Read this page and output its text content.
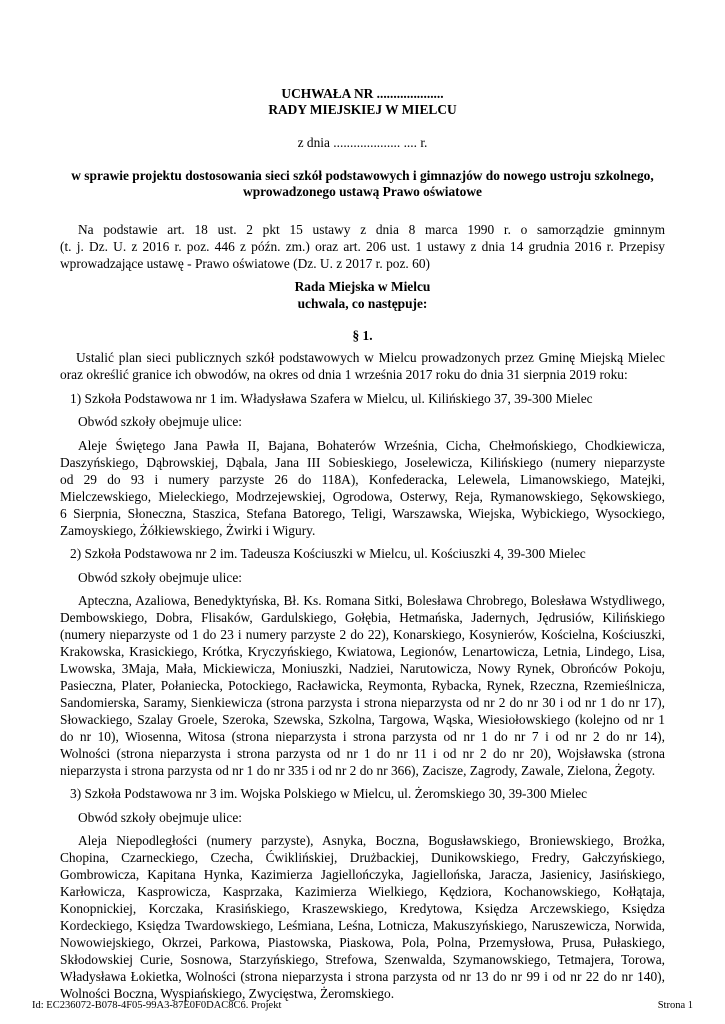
UCHWAŁA NR ....................
RADY MIEJSKIEJ W MIELCU
z dnia .................... .... r.
w sprawie projektu dostosowania sieci szkół podstawowych i gimnazjów do nowego ustroju szkolnego,
wprowadzonego ustawą Prawo oświatowe
Na podstawie art. 18 ust. 2 pkt 15 ustawy z dnia 8 marca 1990 r. o samorządzie gminnym
(t. j. Dz. U. z 2016 r. poz. 446 z późn. zm.) oraz art. 206 ust. 1 ustawy z dnia 14 grudnia 2016 r. Przepisy
wprowadzające ustawę - Prawo oświatowe (Dz. U. z 2017 r. poz. 60)
Rada Miejska w Mielcu
uchwala, co następuje:
§ 1.
Ustalić plan sieci publicznych szkół podstawowych w Mielcu prowadzonych przez Gminę Miejską Mielec
oraz określić granice ich obwodów, na okres od dnia 1 września 2017 roku do dnia 31 sierpnia 2019 roku:
1) Szkoła Podstawowa nr 1 im. Władysława Szafera w Mielcu, ul. Kilińskiego 37, 39-300 Mielec
Obwód szkoły obejmuje ulice:
Aleje Świętego Jana Pawła II, Bajana, Bohaterów Września, Cicha, Chełmońskiego, Chodkiewicza,
Daszyńskiego, Dąbrowskiej, Dąbala, Jana III Sobieskiego, Joselewicza, Kilińskiego (numery nieparzyste
od 29 do 93 i numery parzyste 26 do 118A), Konfederacka, Lelewela, Limanowskiego, Matejki,
Mielczewskiego, Mieleckiego, Modrzejewskiej, Ogrodowa, Osterwy, Reja, Rymanowskiego, Sękowskiego,
6 Sierpnia, Słoneczna, Staszica, Stefana Batorego, Teligi, Warszawska, Wiejska, Wybickiego, Wysockiego,
Zamoyskiego, Żółkiewskiego, Żwirki i Wigury.
2) Szkoła Podstawowa nr 2 im. Tadeusza Kościuszki w Mielcu, ul. Kościuszki 4, 39-300 Mielec
Obwód szkoły obejmuje ulice:
Apteczna, Azaliowa, Benedyktyńska, Bł. Ks. Romana Sitki, Bolesława Chrobrego, Bolesława Wstydliwego,
Dembowskiego, Dobra, Flisaków, Gardulskiego, Gołębia, Hetmańska, Jadernych, Jędrusiów, Kilińskiego
(numery nieparzyste od 1 do 23 i numery parzyste 2 do 22), Konarskiego, Kosynierów, Kościelna, Kościuszki,
Krakowska, Krasickiego, Krótka, Kryczyńskiego, Kwiatowa, Legionów, Lenartowicza, Letnia, Lindego, Lisa,
Lwowska, 3Maja, Mała, Mickiewicza, Moniuszki, Nadziei, Narutowicza, Nowy Rynek, Obrońców Pokoju,
Pasieczna, Plater, Połaniecka, Potockiego, Racławicka, Reymonta, Rybacka, Rynek, Rzeczna, Rzemieślnicza,
Sandomierska, Saramy, Sienkiewicza (strona parzysta i strona nieparzysta od nr 2 do nr 30 i od nr 1 do nr 17),
Słowackiego, Szalay Groele, Szeroka, Szewska, Szkolna, Targowa, Wąska, Wiesiołowskiego (kolejno od nr 1
do nr 10), Wiosenna, Witosa (strona nieparzysta i strona parzysta od nr 1 do nr 7 i od nr 2 do nr 14),
Wolności (strona nieparzysta i strona parzysta od nr 1 do nr 11 i od nr 2 do nr 20), Wojsławska (strona
nieparzysta i strona parzysta od nr 1 do nr 335 i od nr 2 do nr 366), Zacisze, Zagrody, Zawale, Zielona, Żegoty.
3) Szkoła Podstawowa nr 3 im. Wojska Polskiego w Mielcu, ul. Żeromskiego 30, 39-300 Mielec
Obwód szkoły obejmuje ulice:
Aleja Niepodległości (numery parzyste), Asnyka, Boczna, Bogusławskiego, Broniewskiego, Brożka,
Chopina, Czarneckiego, Czecha, Ćwiklińskiej, Drużbackiej, Dunikowskiego, Fredry, Gałczyńskiego,
Gombrowicza, Kapitana Hynka, Kazimierza Jagiellończyka, Jagiellońska, Jaracza, Jasienicy, Jasińskiego,
Karłowicza, Kasprowicza, Kasprzaka, Kazimierza Wielkiego, Kędziora, Kochanowskiego, Kołłątaja,
Konopnickiej, Korczaka, Krasińskiego, Kraszewskiego, Kredytowa, Księdza Arczewskiego, Księdza
Kordeckiego, Księdza Twardowskiego, Leśmiana, Leśna, Lotnicza, Makuszyńskiego, Naruszewicza, Norwida,
Nowowiejskiego, Okrzei, Parkowa, Piastowska, Piaskowa, Pola, Polna, Przemysłowa, Prusa, Pułaskiego,
Skłodowskiej Curie, Sosnowa, Starzyńskiego, Strefowa, Szenwalda, Szymanowskiego, Tetmajera, Torowa,
Władysława Łokietka, Wolności (strona nieparzysta i strona parzysta od nr 13 do nr 99 i od nr 22 do nr 140),
Wolności Boczna, Wyspiańskiego, Zwycięstwa, Żeromskiego.
Id: EC236072-B078-4F05-99A3-87E0F0DAC8C6. Projekt	Strona 1
